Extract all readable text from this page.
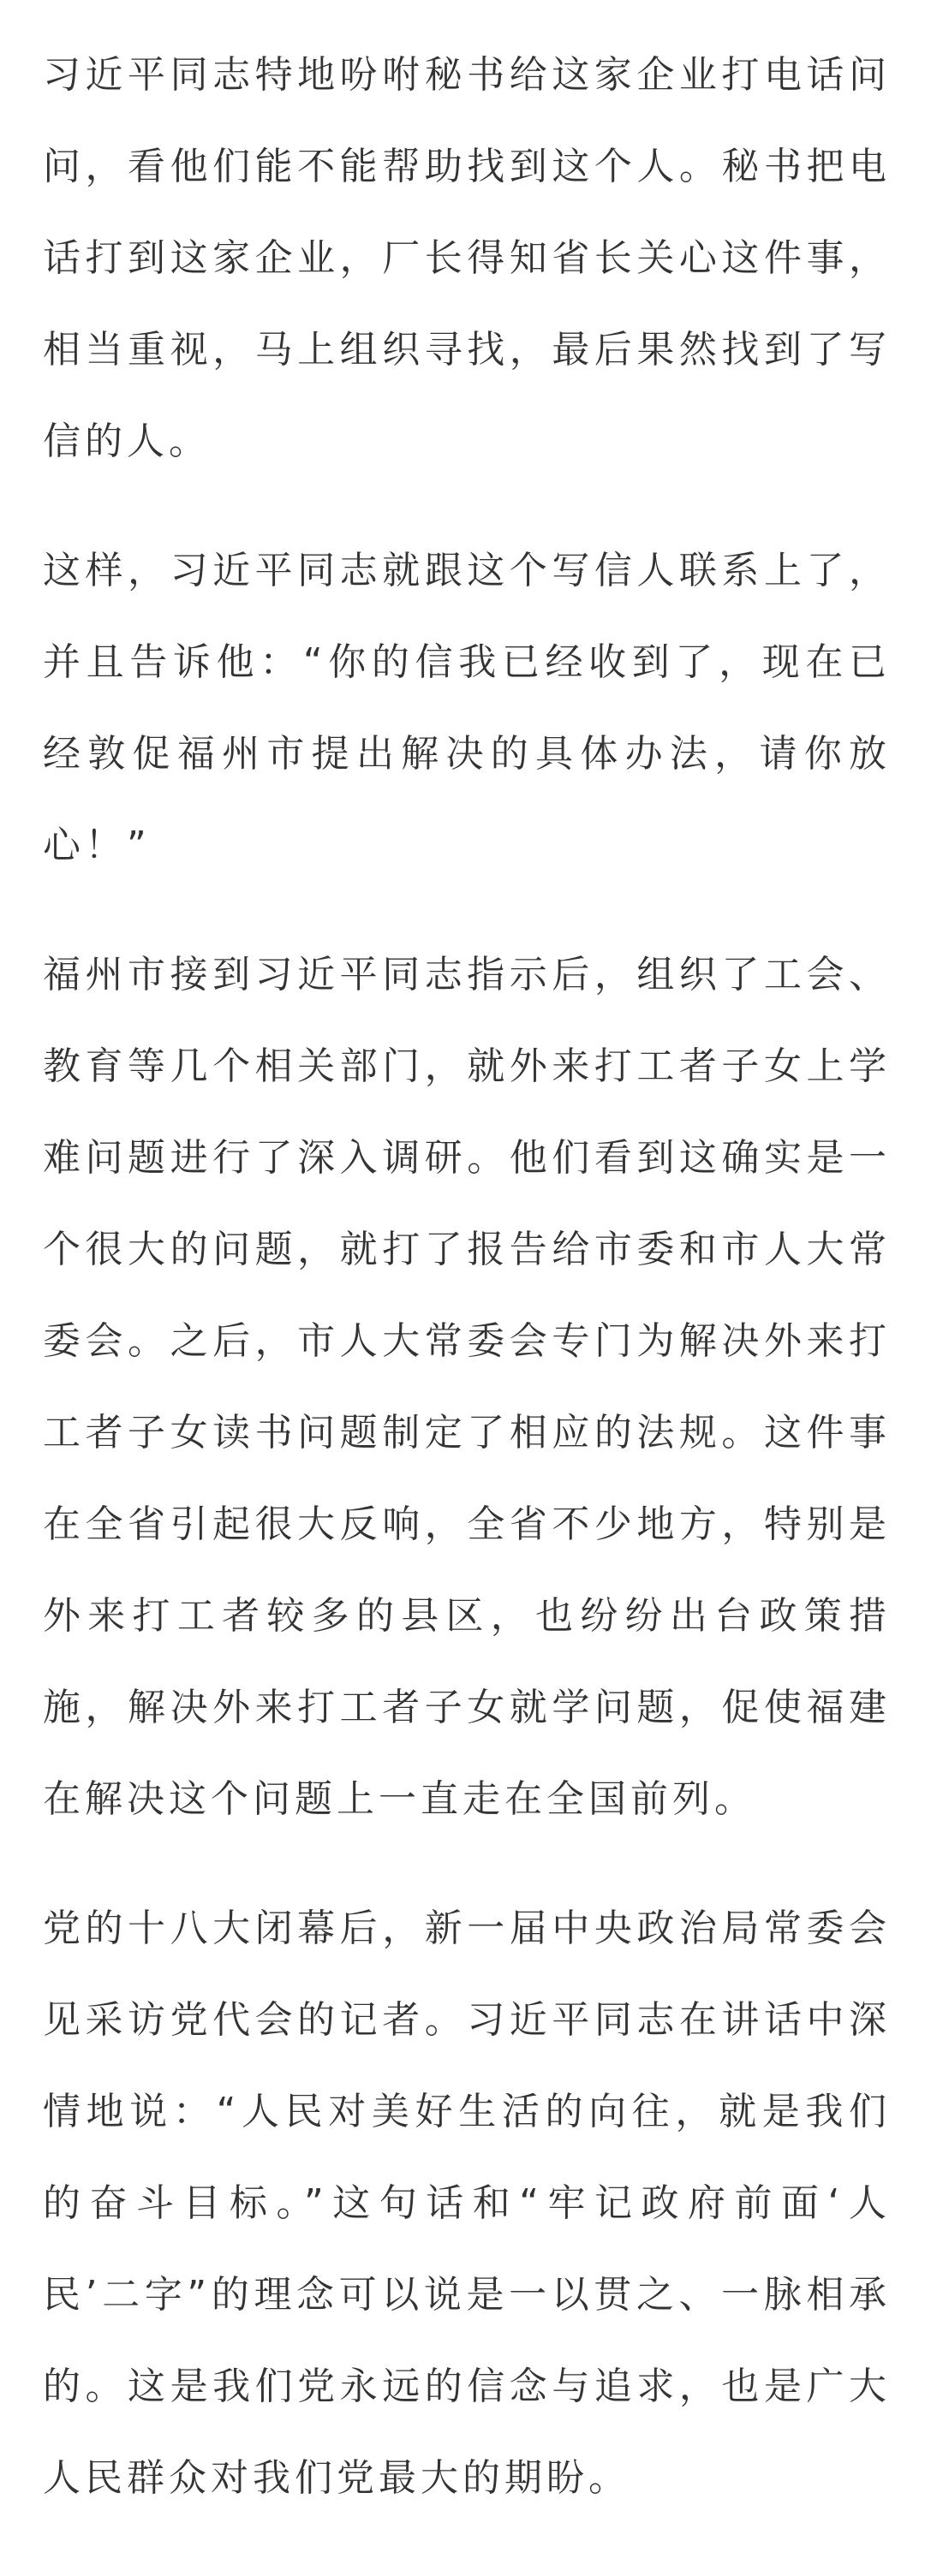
习近平同志特地吩咐秘书给这家企业打电话问问，看他们能不能帮助找到这个人。秘书把电话打到这家企业，厂长得知省长关心这件事，相当重视，马上组织寻找，最后果然找到了写信的人。

这样，习近平同志就跟这个写信人联系上了，并且告诉他：“你的信我已经收到了，现在已经敦促福州市提出解决的具体办法，请你放心！”

福州市接到习近平同志指示后，组织了工会、教育等几个相关部门，就外来打工者子女上学难问题进行了深入调研。他们看到这确实是一个很大的问题，就打了报告给市委和市人大常委会。之后，市人大常委会专门为解决外来打工者子女读书问题制定了相应的法规。这件事在全省引起很大反响，全省不少地方，特别是外来打工者较多的县区，也纷纷出台政策措施，解决外来打工者子女就学问题，促使福建在解决这个问题上一直走在全国前列。

党的十八大闭幕后，新一届中央政治局常委会见采访党代会的记者。习近平同志在讲话中深情地说：“人民对美好生活的向往，就是我们的奋斗目标。”这句话和“牢记政府前面‘人民’二字”的理念可以说是一以贯之、一脉相承的。这是我们党永远的信念与追求，也是广大人民群众对我们党最大的期盼。
